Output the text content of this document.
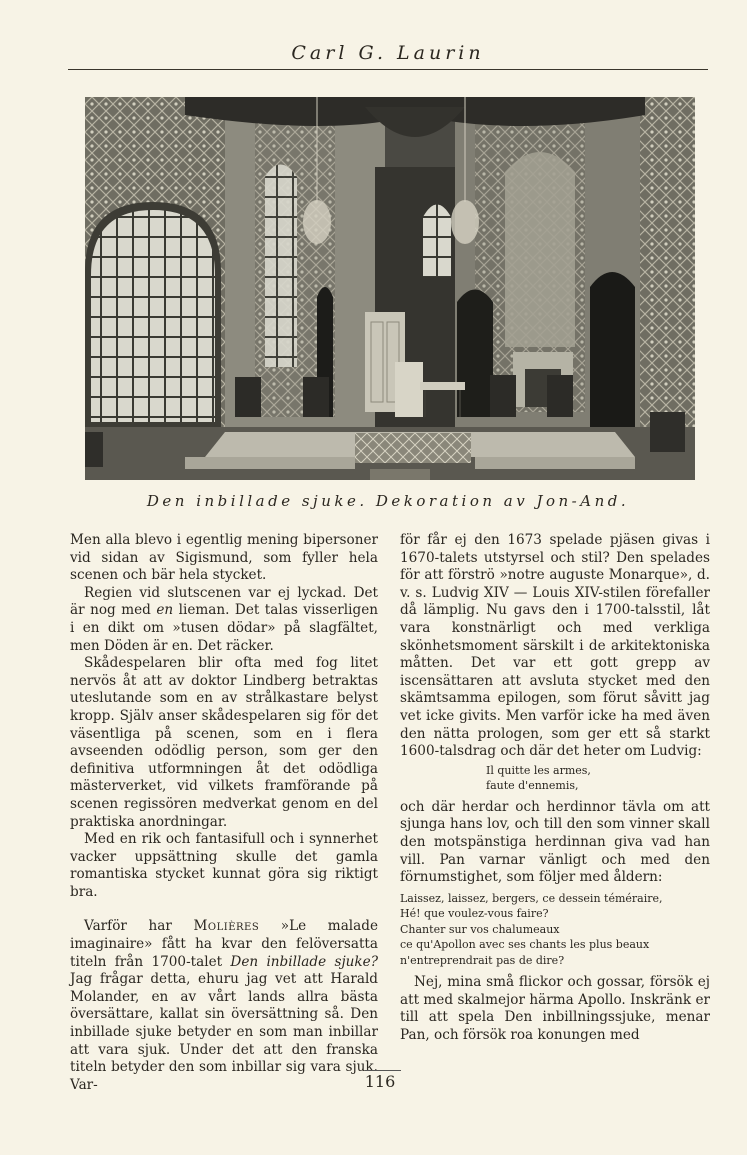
Carl G. Laurin
Den inbillade sjuke. Dekoration av Jon-And.

Men alla blevo i egentlig mening bipersoner vid sidan av Sigismund, som fyller hela scenen och bär hela stycket.

Regien vid slutscenen var ej lyckad. Det är nog med en lieman. Det talas visserligen i en dikt om »tusen dödar» på slagfältet, men Döden är en. Det räcker.

Skådespelaren blir ofta med fog litet nervös åt att av doktor Lindberg betraktas uteslutande som en av strålkastare belyst kropp. Själv anser skådespelaren sig för det väsentliga på scenen, som en i flera avseenden odödlig person, som ger den definitiva utformningen åt det odödliga mästerverket, vid vilkets framförande på scenen regissören medverkat genom en del praktiska anordningar.

Med en rik och fantasifull och i synnerhet vacker uppsättning skulle det gamla romantiska stycket kunnat göra sig riktigt bra.

Varför har Molières »Le malade imaginaire» fått ha kvar den felöversatta titeln från 1700-talet Den inbillade sjuke? Jag frågar detta, ehuru jag vet att Harald Molander, en av vårt lands allra bästa översättare, kallat sin översättning så. Den inbillade sjuke betyder en som man inbillar att vara sjuk. Under det att den franska titeln betyder den som inbillar sig vara sjuk. Var-

för får ej den 1673 spelade pjäsen givas i 1670-talets utstyrsel och stil? Den spelades för att förströ »notre auguste Monarque», d. v. s. Ludvig XIV — Louis XIV-stilen förefaller då lämplig. Nu gavs den i 1700-talsstil, låt vara konstnärligt och med verkliga skönhetsmoment särskilt i de arkitektoniska måtten. Det var ett gott grepp av iscensättaren att avsluta stycket med den skämtsamma epilogen, som förut såvitt jag vet icke givits. Men varför icke ha med även den nätta prologen, som ger ett så starkt 1600-talsdrag och där det heter om Ludvig:

Il quitte les armes,
faute d'ennemis,

och där herdar och herdinnor tävla om att sjunga hans lov, och till den som vinner skall den motspänstiga herdinnan giva vad han vill. Pan varnar vänligt och med den förnumstighet, som följer med åldern:

Laissez, laissez, bergers, ce dessein téméraire,
Hé! que voulez-vous faire?
Chanter sur vos chalumeaux
ce qu'Apollon avec ses chants les plus beaux
n'entreprendrait pas de dire?

Nej, mina små flickor och gossar, försök ej att med skalmejor härma Apollo. Inskränk er till att spela Den inbillningssjuke, menar Pan, och försök roa konungen med

116
